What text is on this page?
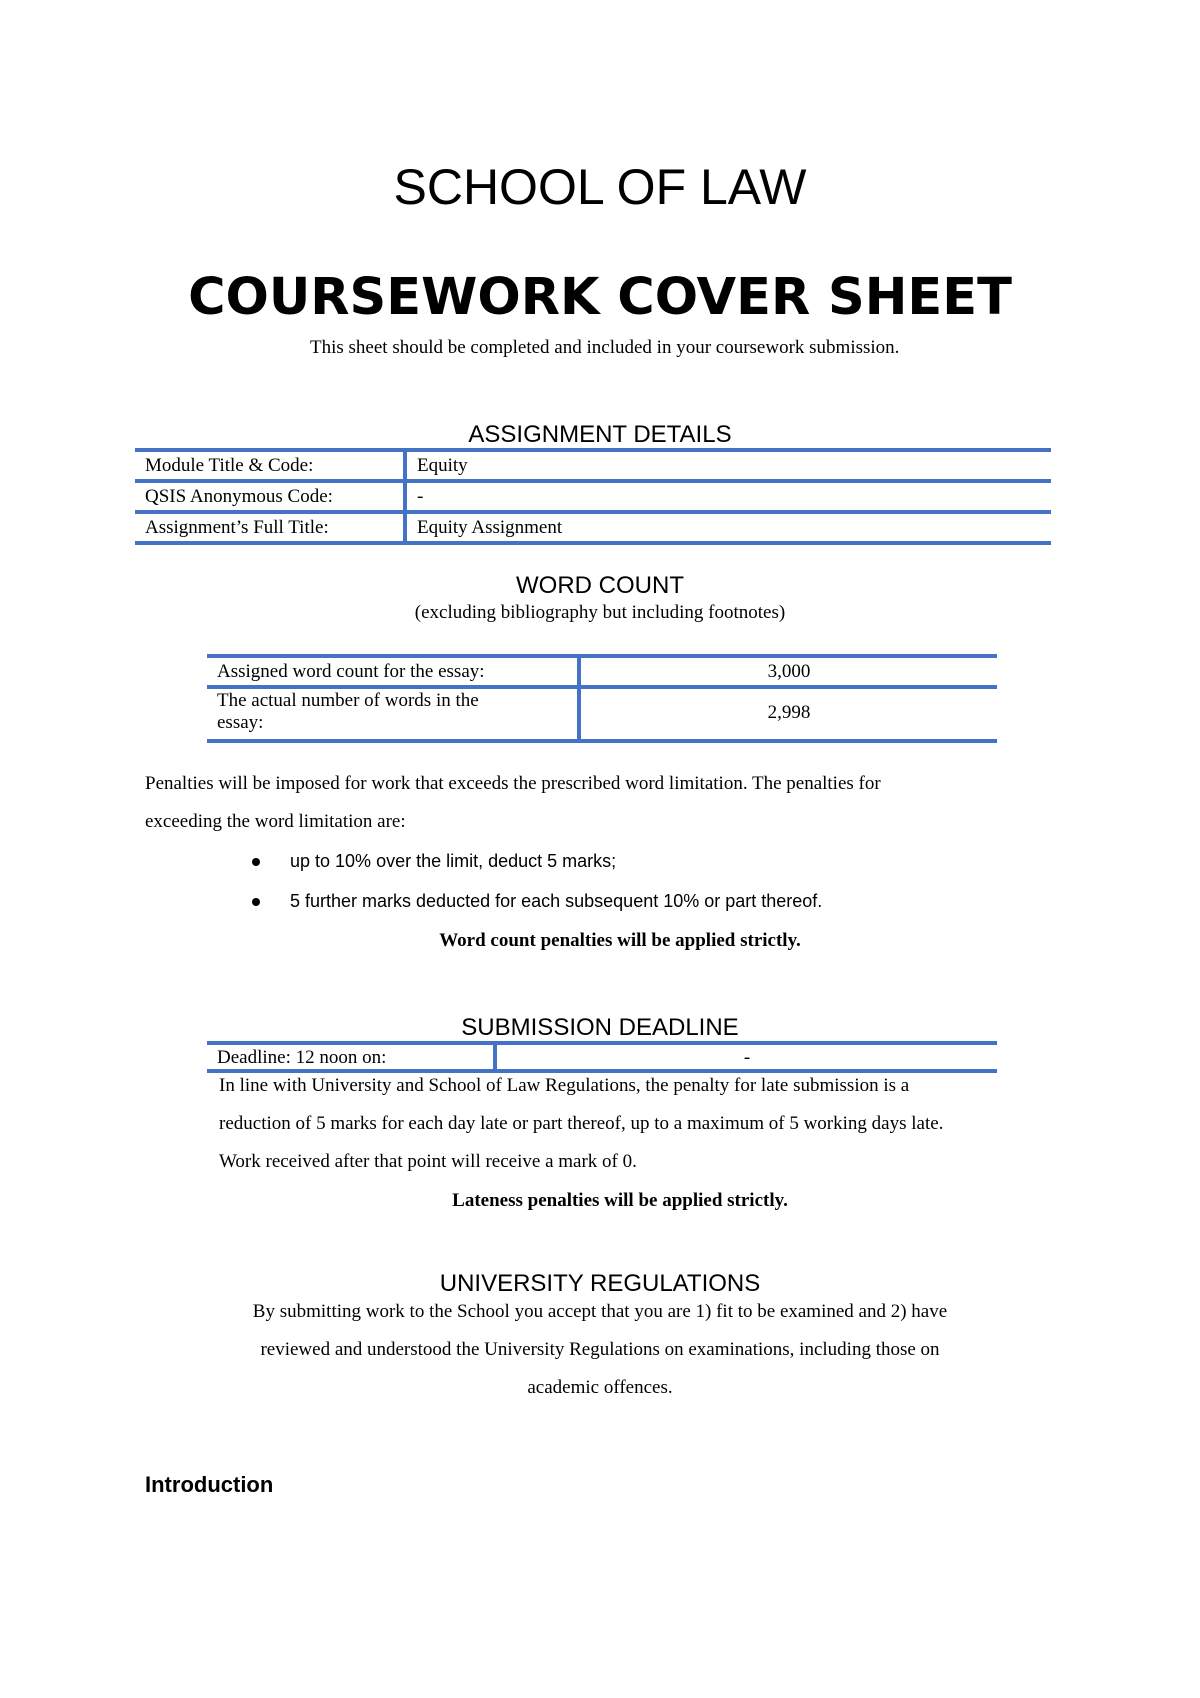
SCHOOL OF LAW
COURSEWORK COVER SHEET
This sheet should be completed and included in your coursework submission.
ASSIGNMENT DETAILS
Module Title & Code:	Equity
QSIS Anonymous Code:	-
Assignment’s Full Title:	Equity Assignment
WORD COUNT
(excluding bibliography but including footnotes)
Assigned word count for the essay:	3,000
The actual number of words in the
essay:	2,998
Penalties will be imposed for work that exceeds the prescribed word limitation. The penalties for
exceeding the word limitation are:
up to 10% over the limit, deduct 5 marks;
5 further marks deducted for each subsequent 10% or part thereof.
Word count penalties will be applied strictly.
SUBMISSION DEADLINE
Deadline: 12 noon on:	-
In line with University and School of Law Regulations, the penalty for late submission is a
reduction of 5 marks for each day late or part thereof, up to a maximum of 5 working days late.
Work received after that point will receive a mark of 0.
Lateness penalties will be applied strictly.
UNIVERSITY REGULATIONS
By submitting work to the School you accept that you are 1) fit to be examined and 2) have
reviewed and understood the University Regulations on examinations, including those on
academic offences.
Introduction
